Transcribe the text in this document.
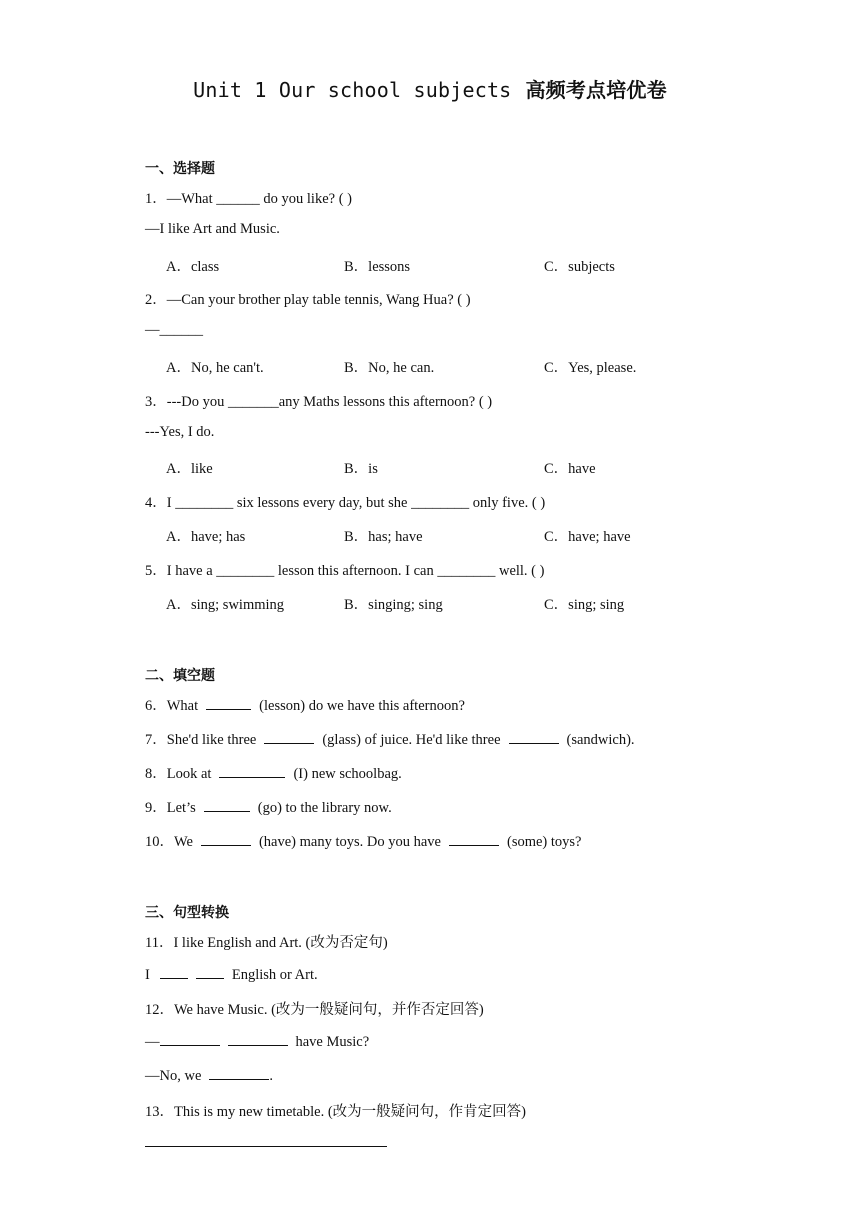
Unit 1 Our school subjects 高频考点培优卷
一、选择题
1．—What ______ do you like? ( )
—I like Art and Music.
A．class	B．lessons	C．subjects
2．—Can your brother play table tennis, Wang Hua? ( )
—______
A．No, he can't.	B．No, he can.	C．Yes, please.
3．---Do you _______any Maths lessons this afternoon? ( )
---Yes, I do.
A．like	B．is	C．have
4．I ________ six lessons every day, but she ________ only five. ( )
A．have; has	B．has; have	C．have; have
5．I have a ________ lesson this afternoon. I can ________ well. ( )
A．sing; swimming	B．singing; sing	C．sing; sing
二、填空题
6．What	(lesson) do we have this afternoon?
7．She'd like three	(glass) of juice. He'd like three	(sandwich).
8．Look at	(I) new schoolbag.
9．Let’s	(go) to the library now.
10．We	(have) many toys. Do you have	(some) toys?
三、句型转换
11．I like English and Art. (改为否定句)
I	English or Art.
12．We have Music. (改为一般疑问句，并作否定回答)
—	have Music?
—No, we	.
13．This is my new timetable. (改为一般疑问句，作肯定回答)
